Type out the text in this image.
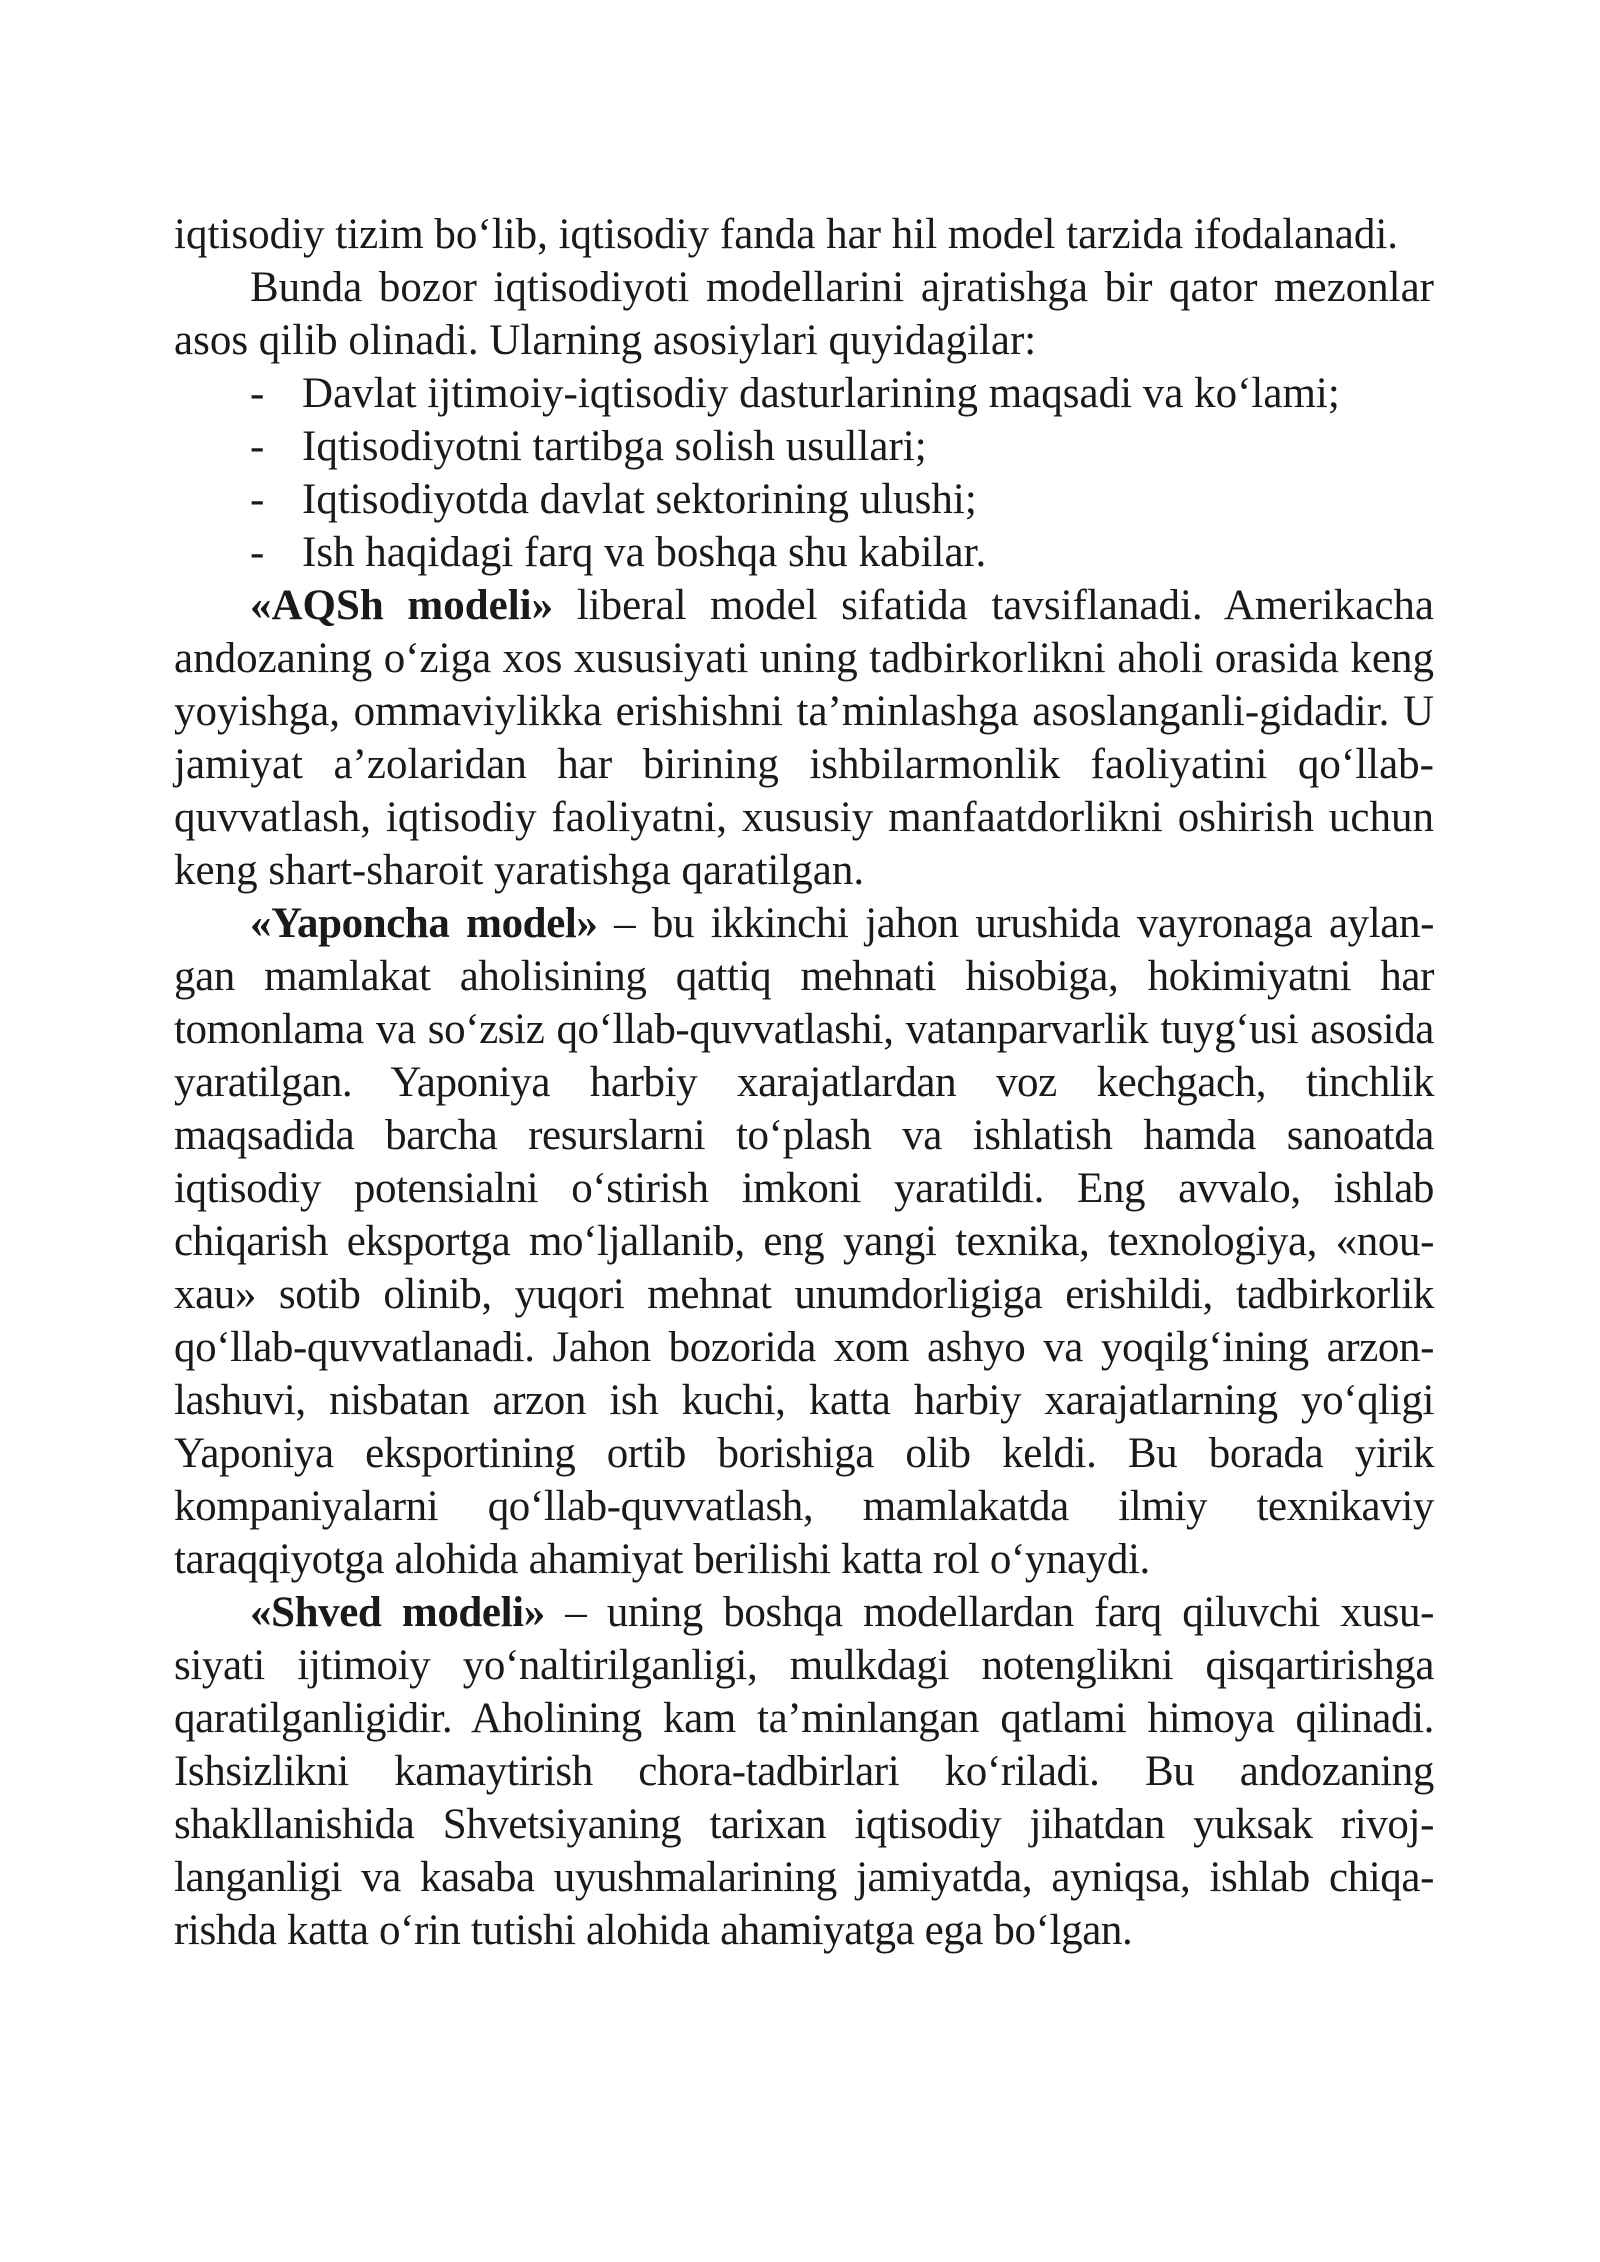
iqtisodiy tizim bo‘lib, iqtisodiy fanda har hil model tarzida ifodalanadi.

Bunda bozor iqtisodiyoti modellarini ajratishga bir qator mezonlar asos qilib olinadi. Ularning asosiylari quyidagilar:

- Davlat ijtimoiy-iqtisodiy dasturlarining maqsadi va ko‘lami;
- Iqtisodiyotni tartibga solish usullari;
- Iqtisodiyotda davlat sektorining ulushi;
- Ish haqidagi farq va boshqa shu kabilar.

«AQSh modeli» liberal model sifatida tavsiflanadi. Amerikacha andozaning o‘ziga xos xususiyati uning tadbirkorlikni aholi orasida keng yoyishga, ommaviylikka erishishni ta’minlashga asoslanganli-gidadir. U jamiyat a’zolaridan har birining ishbilarmonlik faoliyatini qo‘llab-quvvatlash, iqtisodiy faoliyatni, xususiy manfaatdorlikni oshirish uchun keng shart-sharoit yaratishga qaratilgan.

«Yaponcha model» – bu ikkinchi jahon urushida vayronaga aylan-gan mamlakat aholisining qattiq mehnati hisobiga, hokimiyatni har tomonlama va so‘zsiz qo‘llab-quvvatlashi, vatanparvarlik tuyg‘usi asosida yaratilgan. Yaponiya harbiy xarajatlardan voz kechgach, tinchlik maqsadida barcha resurslarni to‘plash va ishlatish hamda sanoatda iqtisodiy potensialni o‘stirish imkoni yaratildi. Eng avvalo, ishlab chiqarish eksportga mo‘ljallanib, eng yangi texnika, texnologiya, «nou- xau» sotib olinib, yuqori mehnat unumdorligiga erishildi, tadbirkorlik qo‘llab-quvvatlanadi. Jahon bozorida xom ashyo va yoqilg‘ining arzon- lashuvi, nisbatan arzon ish kuchi, katta harbiy xarajatlarning yo‘qligi Yaponiya eksportining ortib borishiga olib keldi. Bu borada yirik kompaniyalarni qo‘llab-quvvatlash, mamlakatda ilmiy texnikaviy taraqqiyotga alohida ahamiyat berilishi katta rol o‘ynaydi.

«Shved modeli» – uning boshqa modellardan farq qiluvchi xusu-siyati ijtimoiy yo‘naltirilganligi, mulkdagi notenglikni qisqartirishga qaratilganligidir. Aholining kam ta’minlangan qatlami himoya qilinadi. Ishsizlikni kamaytirish chora-tadbirlari ko‘riladi. Bu andozaning shakllanishida Shvetsiyaning tarixan iqtisodiy jihatdan yuksak rivoj-langanligi va kasaba uyushmalarining jamiyatda, ayniqsa, ishlab chiqa-rishda katta o‘rin tutishi alohida ahamiyatga ega bo‘lgan.
